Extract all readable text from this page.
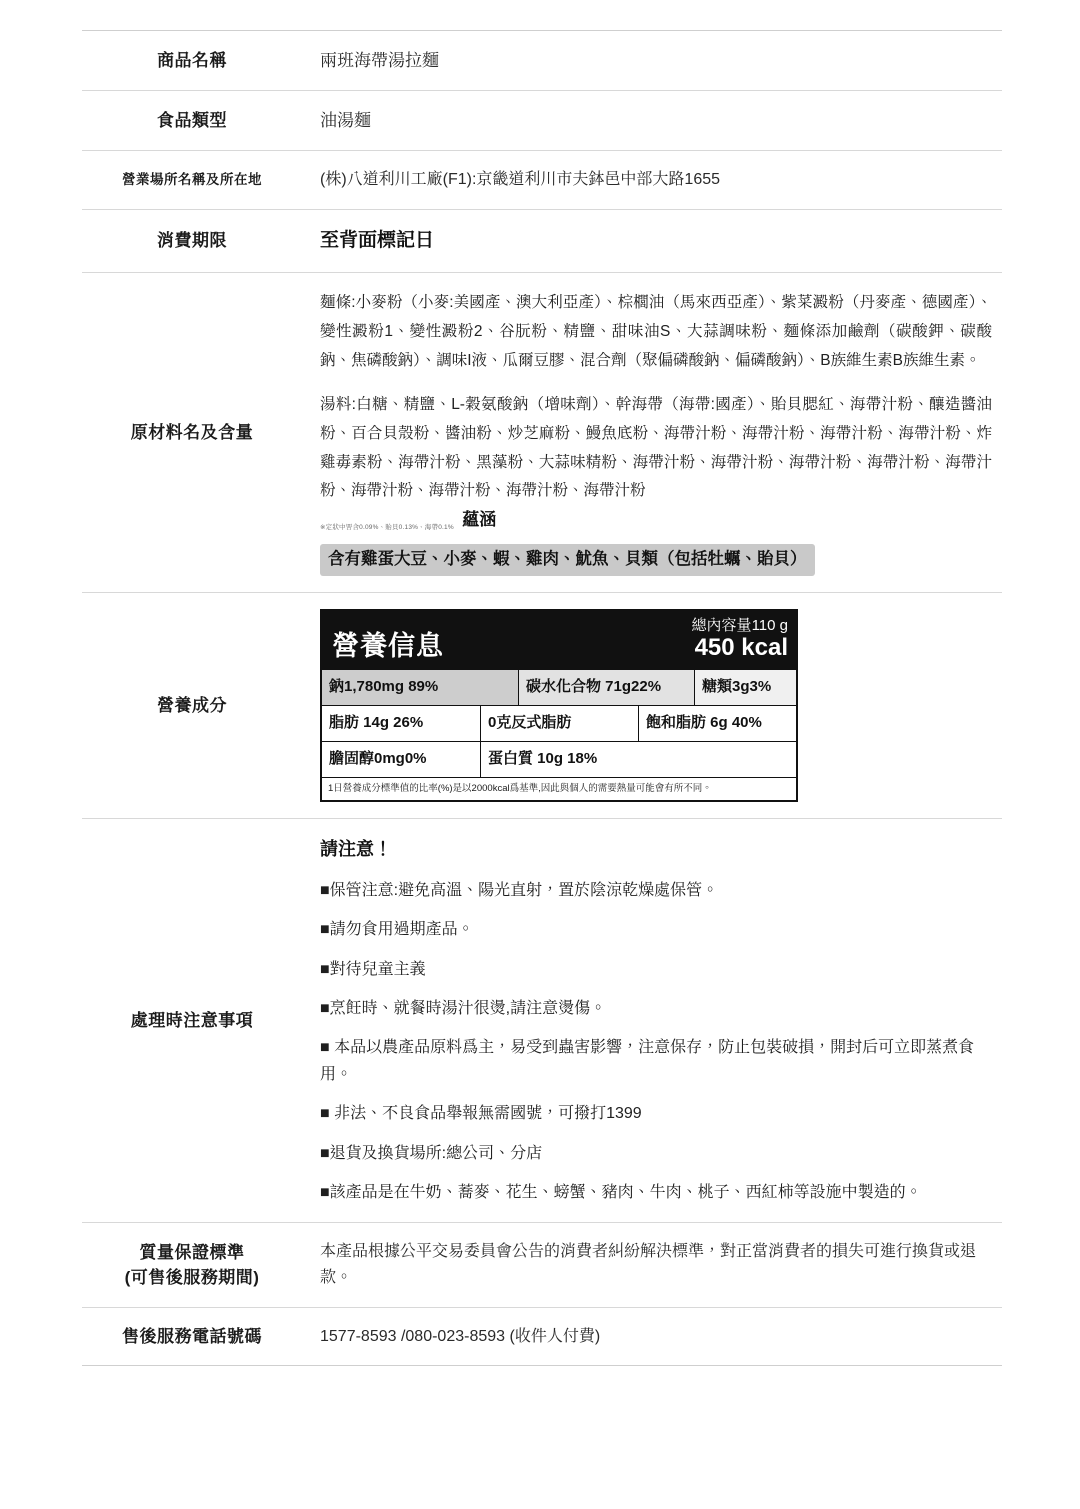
商品名稱	兩班海帶湯拉麵
食品類型	油湯麵
營業場所名稱及所在地	(株)八道利川工廠(F1):京畿道利川市夫鉢邑中部大路1655
消費期限	至背面標記日
原材料名及含量	麵條:小麥粉（小麥:美國產、澳大利亞產）、棕櫚油（馬來西亞產）、紫菜澱粉（丹麥產、德國產）、變性澱粉1、變性澱粉2、谷朊粉、精鹽、甜味油S、大蒜調味粉、麵條添加鹼劑（碳酸鉀、碳酸鈉、焦磷酸鈉）、調味I液、瓜爾豆膠、混合劑（聚偏磷酸鈉、偏磷酸鈉）、B族維生素B族維生素。

湯料:白糖、精鹽、L-穀氨酸鈉（增味劑）、幹海帶（海帶:國產）、貽貝腮紅、海帶汁粉、釀造醬油粉、百合貝殼粉、醬油粉、炒芝麻粉、鰻魚底粉、海帶汁粉、海帶汁粉、海帶汁粉、海帶汁粉、炸雞毒素粉、海帶汁粉、黑藻粉、大蒜味精粉、海帶汁粉、海帶汁粉、海帶汁粉、海帶汁粉、海帶汁粉、海帶汁粉、海帶汁粉、海帶汁粉、海帶汁粉

※定狀中罟含0.09%、貽貝0.13%、海帶0.1% 蘊涵
含有雞蛋大豆、小麥、蝦、雞肉、魷魚、貝類（包括牡蠣、貽貝）
營養成分	
營養信息
總內容量110 g
450 kcal
鈉1,780mg 89%	碳水化合物 71g22%	糖類3g3%
脂肪 14g 26%	0克反式脂肪	飽和脂肪 6g 40%
膽固醇0mg0%	蛋白質 10g 18%
1日營養成分標準值的比率(%)是以2000kcal爲基準,因此與個人的需要熱量可能會有所不同。

處理時注意事項	

請注意！

■保管注意:避免高溫、陽光直射，置於陰涼乾燥處保管。
■請勿食用過期產品。
■對待兒童主義
■烹飪時、就餐時湯汁很燙,請注意燙傷。
■ 本品以農產品原料爲主，易受到蟲害影響，注意保存，防止包裝破損，開封后可立即蒸煮食用。
■ 非法、不良食品舉報無需國號，可撥打1399
■退貨及換貨場所:總公司、分店
■該產品是在牛奶、蕎麥、花生、螃蟹、豬肉、牛肉、桃子、西紅柿等設施中製造的。

質量保證標準
(可售後服務期間)	本產品根據公平交易委員會公告的消費者糾紛解決標準，對正當消費者的損失可進行換貨或退款。
售後服務電話號碼	1577-8593 /080-023-8593 (收件人付費)
